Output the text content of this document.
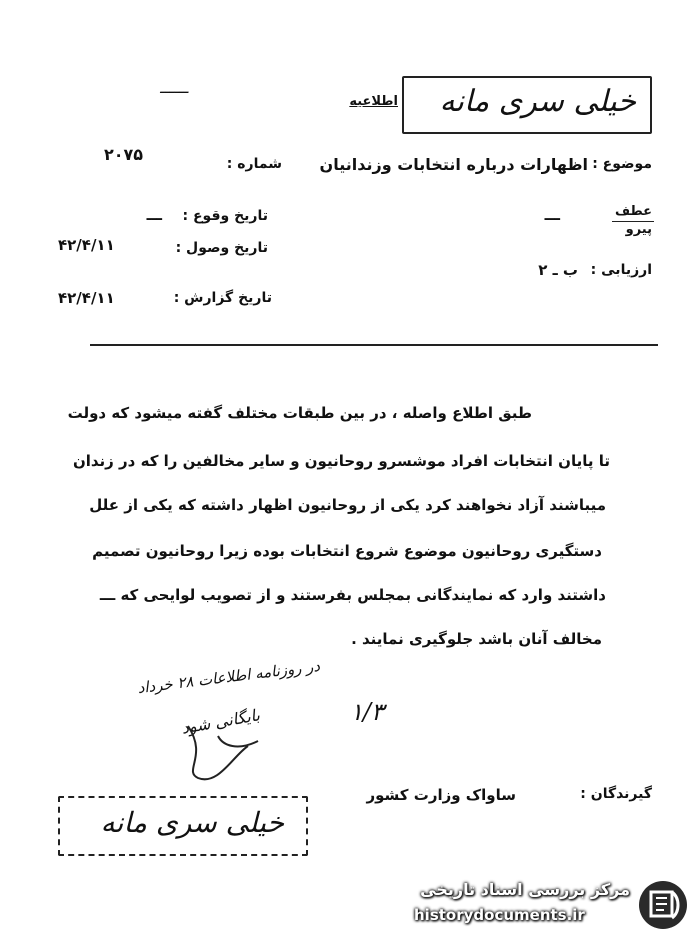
ــــــ	خیلی سری مانه
اطلاعیه
موضوع :
اظهارات درباره انتخابات وزندانیان
شماره :
۲۰۷۵
عطف
پیرو
ـــ
تاریخ وقوع :
ـــ
تاریخ وصول :
۴۲/۴/۱۱
ارزیابی :
ب ـ ۲
تاریخ گزارش :
۴۲/۴/۱۱
طبق اطلاع واصله ، در بین طبقات مختلف گفته میشود که دولت
تا پایان انتخابات افراد موشسرو روحانیون و سایر مخالفین را که در زندان
میباشند آزاد نخواهند کرد یکی از روحانیون اظهار داشته که یکی از علل
دستگیری روحانیون موضوع شروع انتخابات بوده زیرا روحانیون تصمیم
داشتند وارد که نمایندگانی بمجلس بفرستند و از تصویب لوایحی که ـــ
مخالف آنان باشد جلوگیری نمایند .
در روزنامه اطلاعات ۲۸ خرداد
بایگانی شود	۱/۳
گیرندگان :
ساواک وزارت کشور
خیلی سری مانه
مرکز بررسی اسناد تاریخی
historydocuments.ir
